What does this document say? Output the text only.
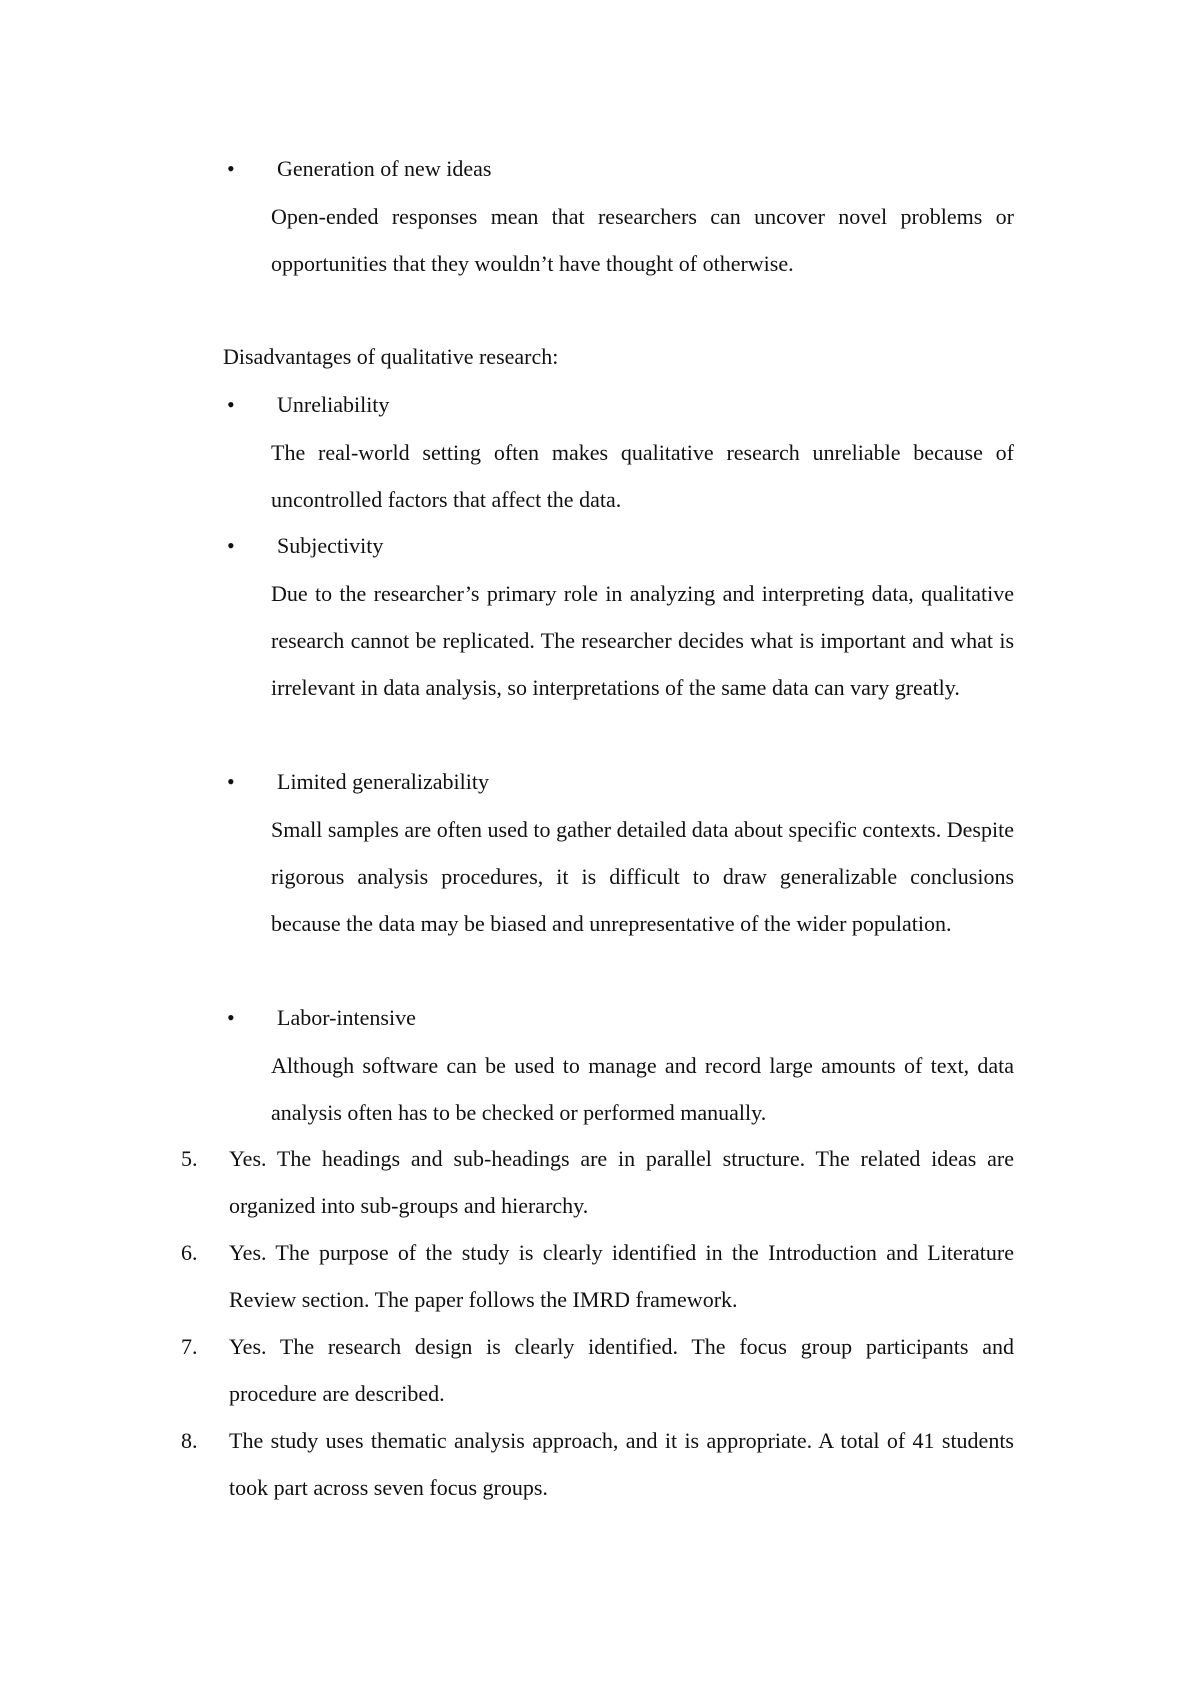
• Generation of new ideas
Open-ended responses mean that researchers can uncover novel problems or opportunities that they wouldn’t have thought of otherwise.
Disadvantages of qualitative research:
• Unreliability
The real-world setting often makes qualitative research unreliable because of uncontrolled factors that affect the data.
• Subjectivity
Due to the researcher’s primary role in analyzing and interpreting data, qualitative research cannot be replicated. The researcher decides what is important and what is irrelevant in data analysis, so interpretations of the same data can vary greatly.
• Limited generalizability
Small samples are often used to gather detailed data about specific contexts. Despite rigorous analysis procedures, it is difficult to draw generalizable conclusions because the data may be biased and unrepresentative of the wider population.
• Labor-intensive
Although software can be used to manage and record large amounts of text, data analysis often has to be checked or performed manually.
5. Yes. The headings and sub-headings are in parallel structure. The related ideas are organized into sub-groups and hierarchy.
6. Yes. The purpose of the study is clearly identified in the Introduction and Literature Review section. The paper follows the IMRD framework.
7. Yes. The research design is clearly identified. The focus group participants and procedure are described.
8. The study uses thematic analysis approach, and it is appropriate. A total of 41 students took part across seven focus groups.
